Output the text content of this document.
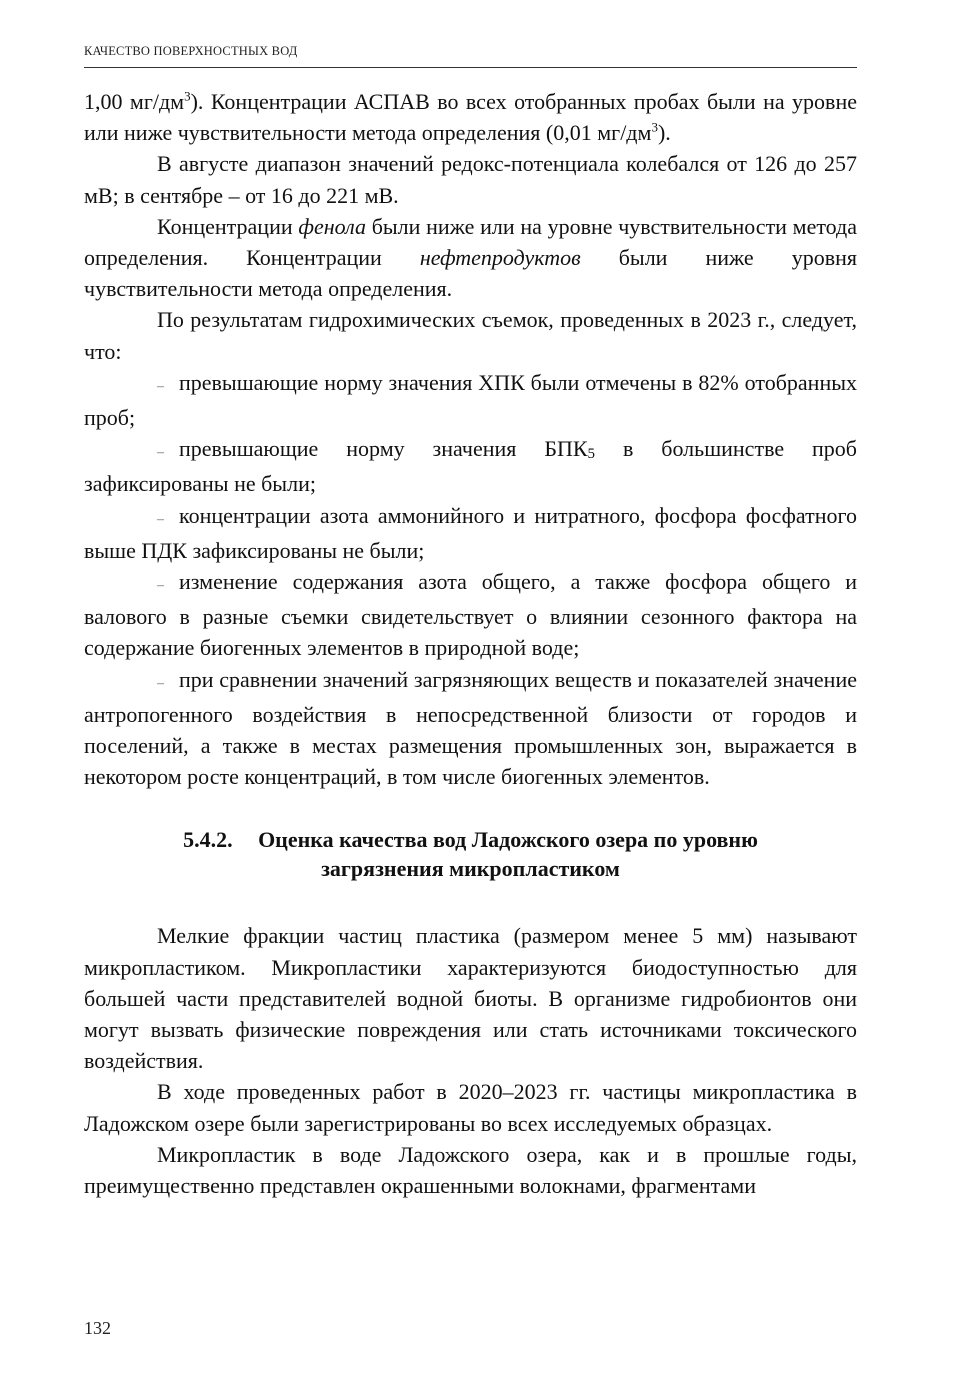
КАЧЕСТВО ПОВЕРХНОСТНЫХ ВОД

1,00 $мг/дм^3$). Концентрации АСПАВ во всех отобранных пробах были на уровне или ниже чувствительности метода определения (0,01 $мг/дм^3$).

В августе диапазон значений редокс-потенциала колебался от 126 до 257 мВ; в сентябре – от 16 до 221 мВ.

Концентрации фенола были ниже или на уровне чувствительности метода определения. Концентрации нефтепродуктов были ниже уровня чувствительности метода определения.

По результатам гидрохимических съемок, проведенных в 2023 г., следует, что:

– превышающие норму значения ХПК были отмечены в 82% отобранных проб;

– превышающие норму значения $БПК_5$ в большинстве проб зафиксированы не были;

– концентрации азота аммонийного и нитратного, фосфора фосфатного выше ПДК зафиксированы не были;

– изменение содержания азота общего, а также фосфора общего и валового в разные съемки свидетельствует о влиянии сезонного фактора на содержание биогенных элементов в природной воде;

– при сравнении значений загрязняющих веществ и показателей значение антропогенного воздействия в непосредственной близости от городов и поселений, а также в местах размещения промышленных зон, выражается в некотором росте концентраций, в том числе биогенных элементов.

5.4.2. Оценка качества вод Ладожского озера по уровню
загрязнения микропластиком

Мелкие фракции частиц пластика (размером менее 5 мм) называют микропластиком. Микропластики характеризуются биодоступностью для большей части представителей водной биоты. В организме гидробионтов они могут вызвать физические повреждения или стать источниками токсического воздействия.

В ходе проведенных работ в 2020–2023 гг. частицы микропластика в Ладожском озере были зарегистрированы во всех исследуемых образцах.

Микропластик в воде Ладожского озера, как и в прошлые годы, преимущественно представлен окрашенными волокнами, фрагментами

132
